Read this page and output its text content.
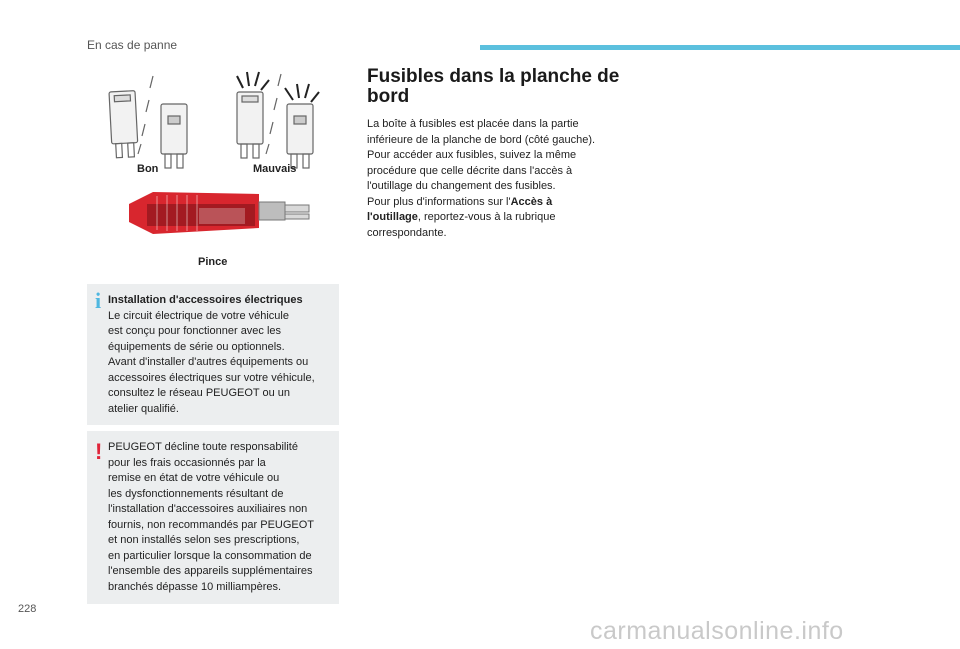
En cas de panne
Bon	Mauvais
Pince
i Installation d'accessoires électriques

Le circuit électrique de votre véhicule

est conçu pour fonctionner avec les

équipements de série ou optionnels.

Avant d'installer d'autres équipements ou

accessoires électriques sur votre véhicule,

consultez le réseau PEUGEOT ou un

atelier qualifié.

! PEUGEOT décline toute responsabilité

pour les frais occasionnés par la

remise en état de votre véhicule ou

les dysfonctionnements résultant de

l'installation d'accessoires auxiliaires non

fournis, non recommandés par PEUGEOT

et non installés selon ses prescriptions,

en particulier lorsque la consommation de

l'ensemble des appareils supplémentaires

branchés dépasse 10 milliampères.

Fusibles dans la planche de
bord

La boîte à fusibles est placée dans la partie

inférieure de la planche de bord (côté gauche).

Pour accéder aux fusibles, suivez la même

procédure que celle décrite dans l'accès à

l'outillage du changement des fusibles.

Pour plus d'informations sur l'Accès à

l'outillage, reportez-vous à la rubrique

correspondante.

228
carmanualsonline.info
